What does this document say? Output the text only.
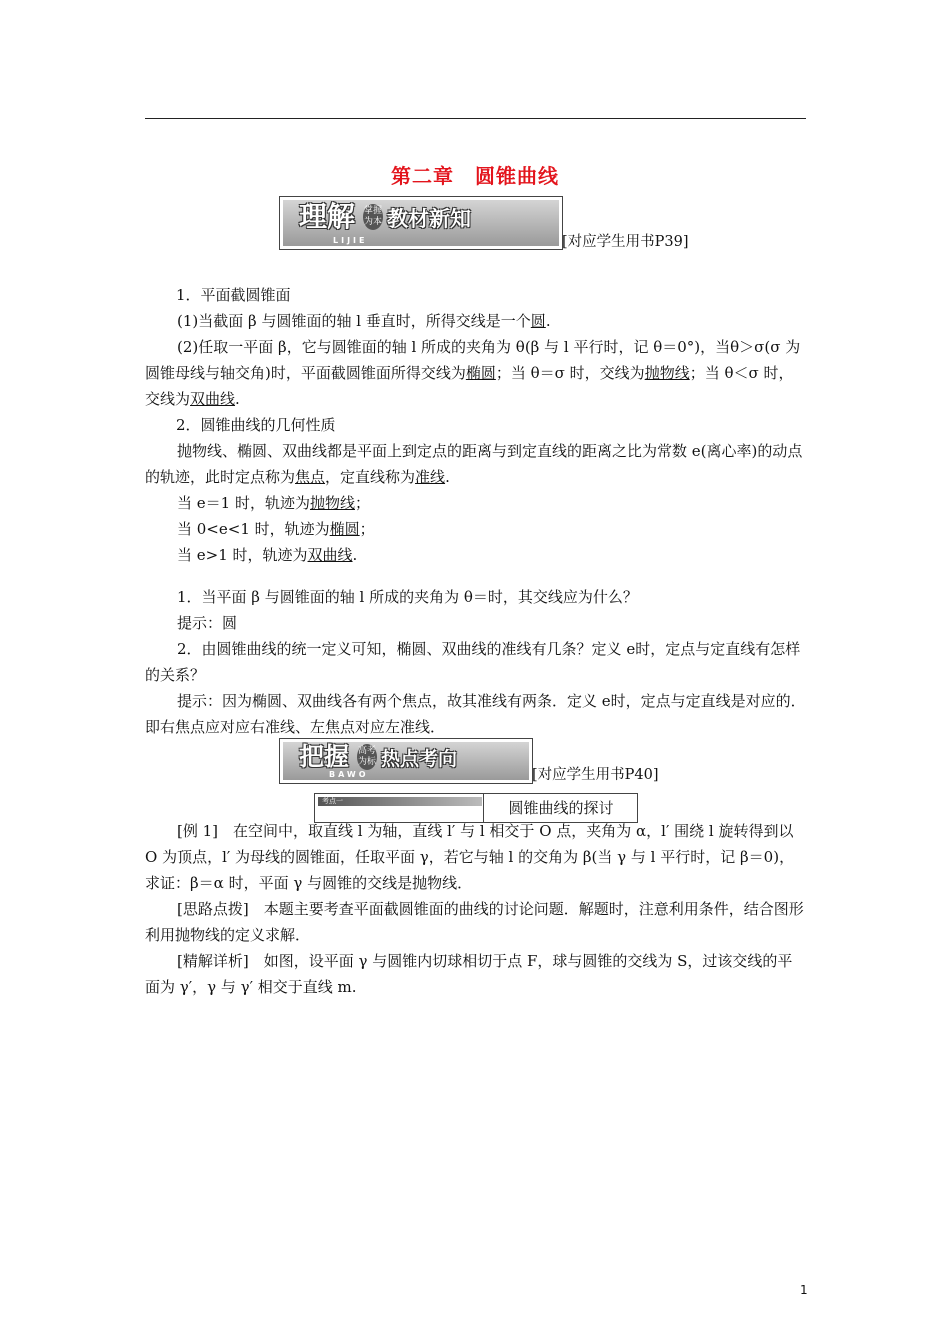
第二章　圆锥曲线
理解
LIJIE
掌握
为本 教材新知
[对应学生用书P39]

1．平面截圆锥面

(1)当截面 β 与圆锥面的轴 l 垂直时，所得交线是一个圆.

(2)任取一平面 β，它与圆锥面的轴 l 所成的夹角为 θ(β 与 l 平行时，记 θ＝0°)，当θ＞σ(σ 为圆锥母线与轴交角)时，平面截圆锥面所得交线为椭圆；当 θ＝σ 时，交线为抛物线；当 θ＜σ 时，交线为双曲线.

2．圆锥曲线的几何性质

抛物线、椭圆、双曲线都是平面上到定点的距离与到定直线的距离之比为常数 e(离心率)的动点的轨迹，此时定点称为焦点，定直线称为准线.

当 e＝1 时，轨迹为抛物线；

当 0<e<1 时，轨迹为椭圆；

当 e>1 时，轨迹为双曲线.

1．当平面 β 与圆锥面的轴 l 所成的夹角为 θ＝时，其交线应为什么？

提示：圆

2．由圆锥曲线的统一定义可知，椭圆、双曲线的准线有几条？定义 e时，定点与定直线有怎样的关系？

提示：因为椭圆、双曲线各有两个焦点，故其准线有两条．定义 e时，定点与定直线是对应的．即右焦点应对应右准线、左焦点对应左准线．

把握
BAWO
高考
为标 热点考向
[对应学生用书P40]
考点一	圆锥曲线的探讨

[例 1]　在空间中，取直线 l 为轴，直线 l′ 与 l 相交于 O 点，夹角为 α，l′ 围绕 l 旋转得到以 O 为顶点，l′ 为母线的圆锥面，任取平面 γ，若它与轴 l 的交角为 β(当 γ 与 l 平行时，记 β＝0)，求证：β＝α 时，平面 γ 与圆锥的交线是抛物线．

[思路点拨]　本题主要考查平面截圆锥面的曲线的讨论问题．解题时，注意利用条件，结合图形利用抛物线的定义求解．

[精解详析]　如图，设平面 γ 与圆锥内切球相切于点 F，球与圆锥的交线为 S，过该交线的平面为 γ′，γ 与 γ′ 相交于直线 m.

1
